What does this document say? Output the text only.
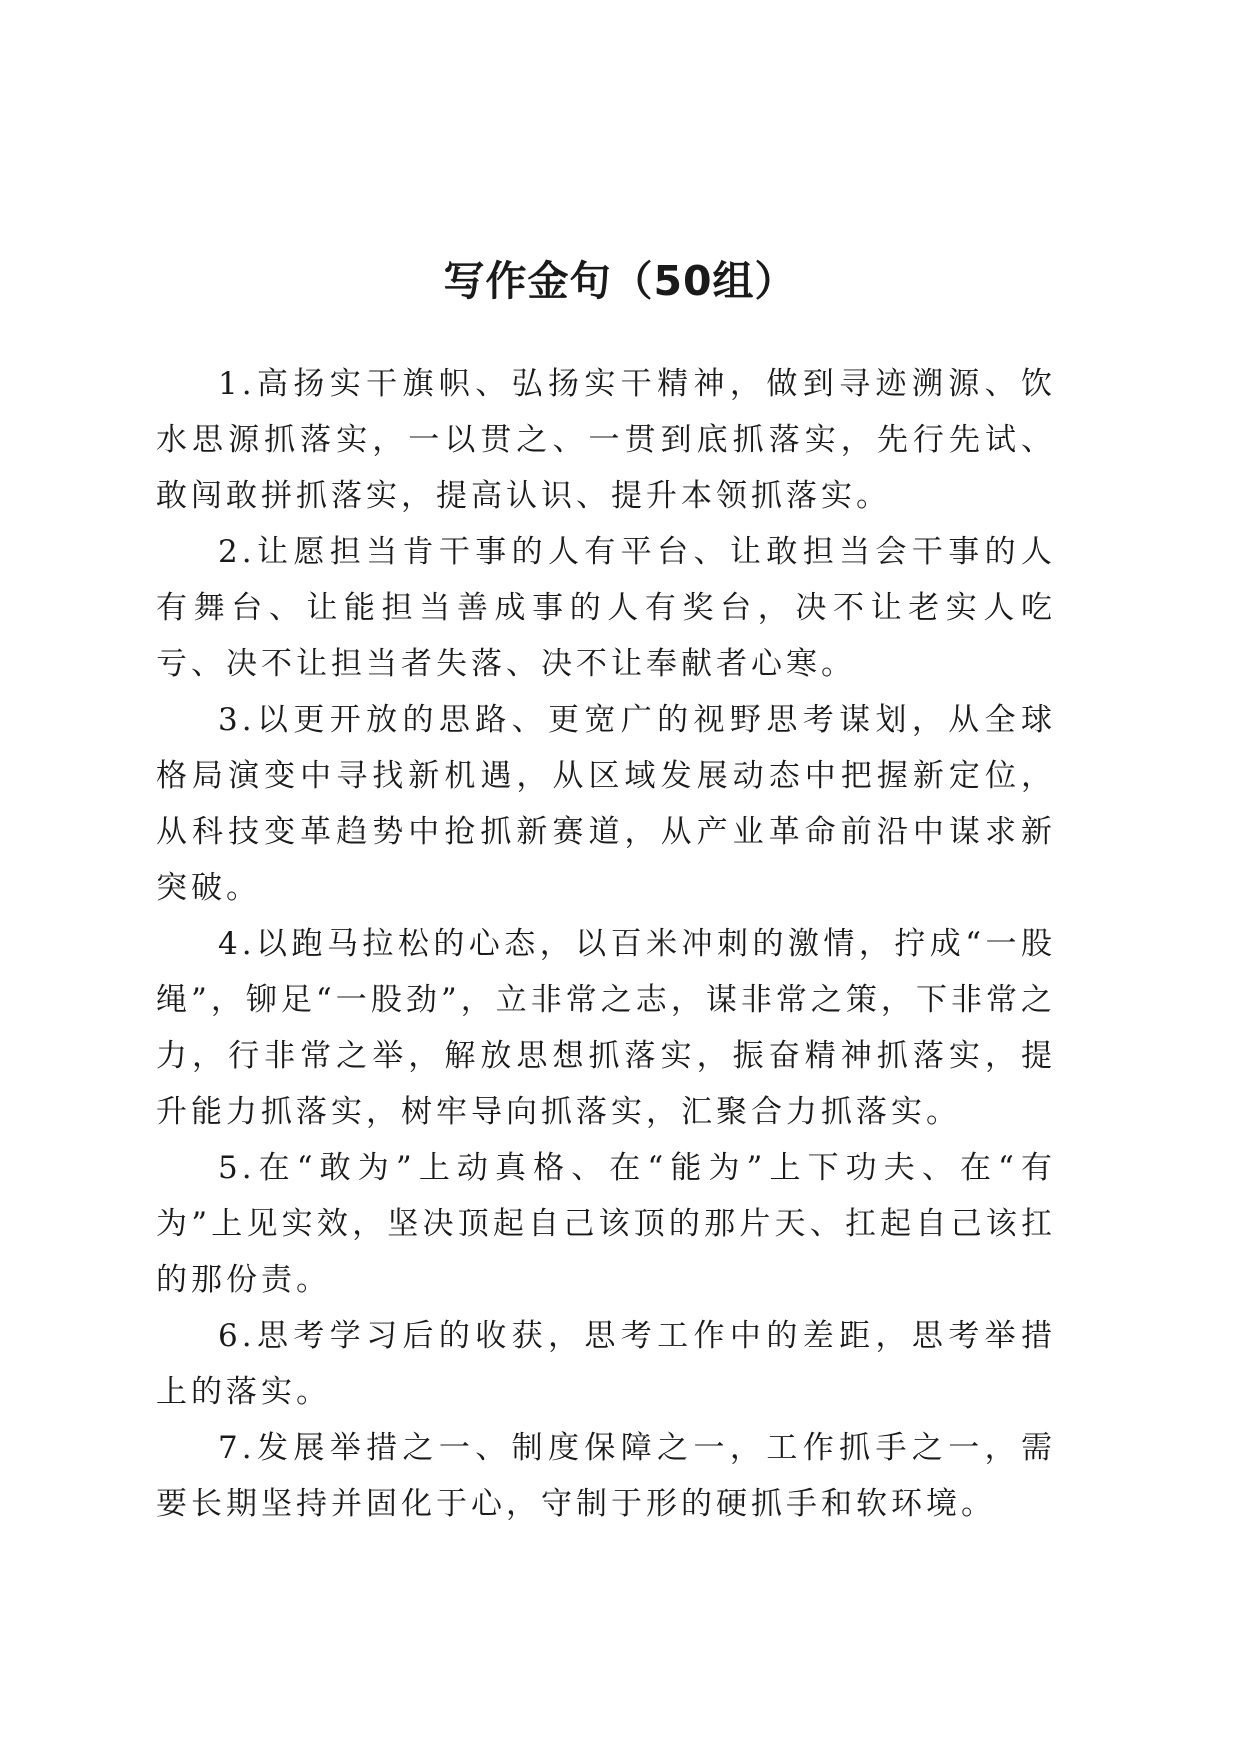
写作金句（50组）

1.高扬实干旗帜、弘扬实干精神，做到寻迹溯源、饮水思源抓落实，一以贯之、一贯到底抓落实，先行先试、敢闯敢拼抓落实，提高认识、提升本领抓落实。

2.让愿担当肯干事的人有平台、让敢担当会干事的人有舞台、让能担当善成事的人有奖台，决不让老实人吃亏、决不让担当者失落、决不让奉献者心寒。

3.以更开放的思路、更宽广的视野思考谋划，从全球格局演变中寻找新机遇，从区域发展动态中把握新定位，从科技变革趋势中抢抓新赛道，从产业革命前沿中谋求新突破。

4.以跑马拉松的心态，以百米冲刺的激情，拧成“一股绳”，铆足“一股劲”，立非常之志，谋非常之策，下非常之力，行非常之举，解放思想抓落实，振奋精神抓落实，提升能力抓落实，树牢导向抓落实，汇聚合力抓落实。

5.在“敢为”上动真格、在“能为”上下功夫、在“有为”上见实效，坚决顶起自己该顶的那片天、扛起自己该扛的那份责。

6.思考学习后的收获，思考工作中的差距，思考举措上的落实。

7.发展举措之一、制度保障之一，工作抓手之一，需要长期坚持并固化于心，守制于形的硬抓手和软环境。
